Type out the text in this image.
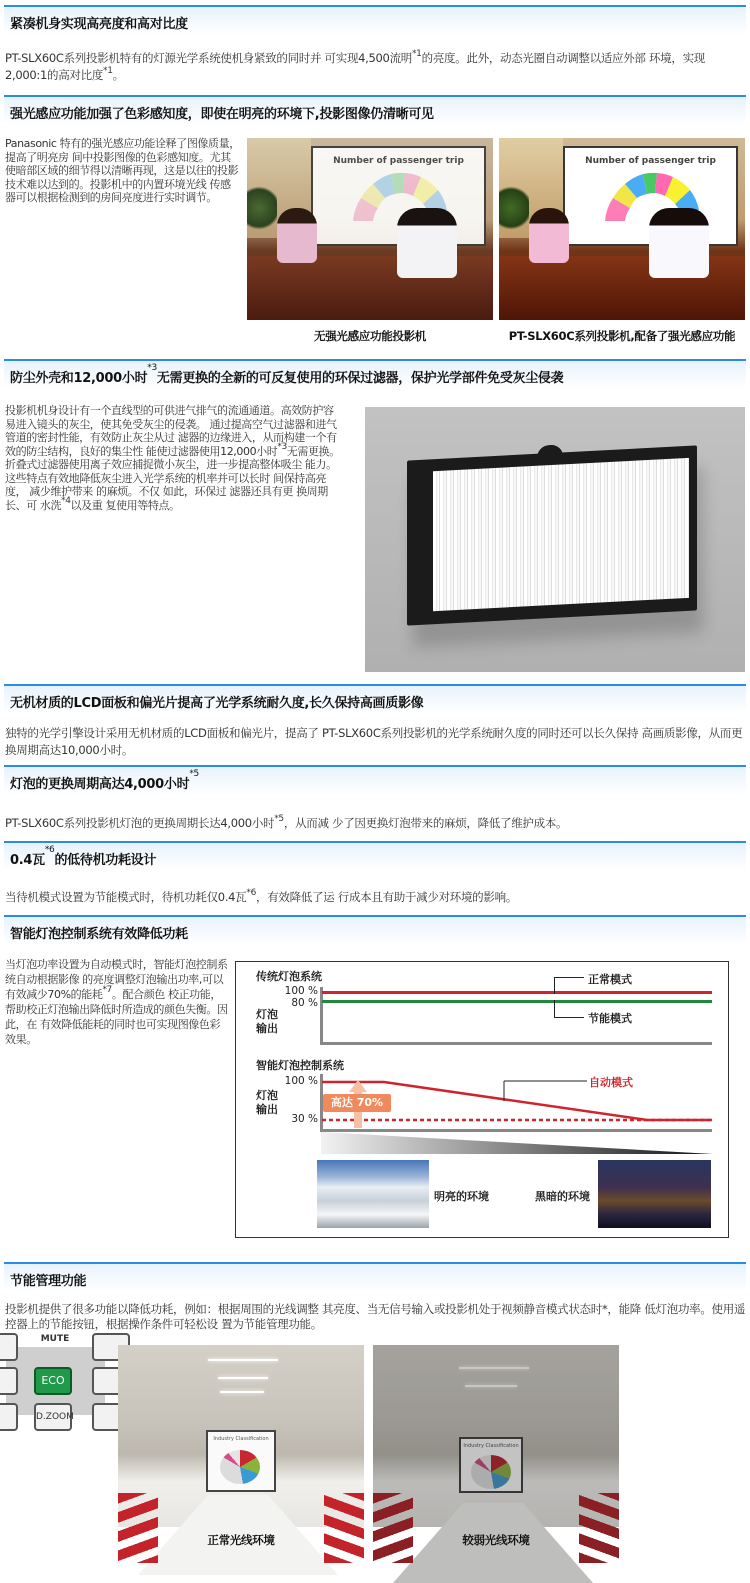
紧凑机身实现高亮度和高对比度
PT-SLX60C系列投影机特有的灯源光学系统使机身紧致的同时并 可实现4,500流明$^{*1}$的亮度。此外，动态光圈自动调整以适应外部 环境，实现2,000:1的高对比度$^{*1}$。
强光感应功能加强了色彩感知度，即使在明亮的环境下,投影图像仍清晰可见
Panasonic 特有的强光感应功能诠释了图像质量，提高了明亮房 间中投影图像的色彩感知度。尤其使暗部区域的细节得以清晰再现，这是以往的投影技术难以达到的。投影机中的内置环境光线 传感器可以根据检测到的房间亮度进行实时调节。
Number of passenger trip
无强光感应功能投影机
Number of passenger trip
PT-SLX60C系列投影机,配备了强光感应功能
防尘外壳和12,000小时$^{*3}$无需更换的全新的可反复使用的环保过滤器，保护光学部件免受灰尘侵袭
投影机机身设计有一个直线型的可供进气排气的流通通道。高效防护容易进入镜头的灰尘，使其免受灰尘的侵袭。 通过提高空气过滤器和进气管道的密封性能，有效防止灰尘从过 滤器的边缘进入，从而构建一个有效的防尘结构，良好的集尘性 能使过滤器使用12,000小时$^{*3}$无需更换。 折叠式过滤器使用离子效应捕捉微小灰尘，进一步提高整体吸尘 能力。这些特点有效地降低灰尘进入光学系统的机率并可以长时 间保持高亮度， 减少维护带来 的麻烦。不仅 如此，环保过 滤器还具有更 换周期长、可 水洗$^{*4}$以及重 复使用等特点。
无机材质的LCD面板和偏光片提高了光学系统耐久度,长久保持高画质影像
独特的光学引擎设计采用无机材质的LCD面板和偏光片，提高了 PT-SLX60C系列投影机的光学系统耐久度的同时还可以长久保持 高画质影像，从而更换周期高达10,000小时。
灯泡的更换周期高达4,000小时$^{*5}$
PT-SLX60C系列投影机灯泡的更换周期长达4,000小时$^{*5}$，从而减 少了因更换灯泡带来的麻烦，降低了维护成本。
0.4瓦$^{*6}$的低待机功耗设计
当待机模式设置为节能模式时，待机功耗仅0.4瓦$^{*6}$，有效降低了运 行成本且有助于减少对环境的影响。
智能灯泡控制系统有效降低功耗
当灯泡功率设置为自动模式时，智能灯泡控制系统自动根据影像 的亮度调整灯泡输出功率,可以有效减少70%的能耗$^{*7}$。配合颜色 校正功能，帮助校正灯泡输出降低时所造成的颜色失衡。因此，在 有效降低能耗的同时也可实现图像色彩效果。
传统灯泡系统
100 %
80 %
灯泡输出
正常模式
节能模式
智能灯泡控制系统
100 %
灯泡输出
30 %
自动模式
高达 70%
明亮的环境	黑暗的环境
节能管理功能
投影机提供了很多功能以降低功耗，例如：根据周围的光线调整 其亮度、当无信号输入或投影机处于视频静音模式状态时*，能降 低灯泡功率。使用遥控器上的节能按钮，根据操作条件可轻松设 置为节能管理功能。
MUTE
ECO
D.ZOOM
Industry Classification
正常光线环境
Industry Classification
较弱光线环境
